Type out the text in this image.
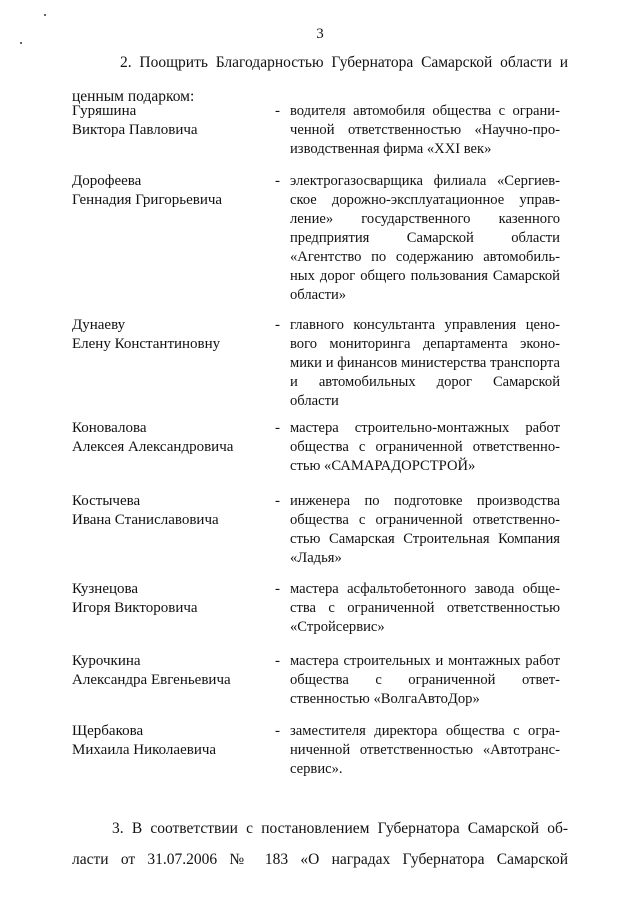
3

2. Поощрить Благодарностью Губернатора Самарской области и
ценным подарком:

Гуряшина
Виктора Павловича
- водителя автомобиля общества с ограниченной ответственностью «Научно-производственная фирма «XXI век»
Дорофеева
Геннадия Григорьевича
- электрогазосварщика филиала «Сергиевское дорожно-эксплуатационное управление» государственного казенного предприятия Самарской области «Агентство по содержанию автомобильных дорог общего пользования Самарской области»
Дунаеву
Елену Константиновну
- главного консультанта управления ценового мониторинга департамента экономики и финансов министерства транспорта и автомобильных дорог Самарской области
Коновалова
Алексея Александровича
- мастера строительно-монтажных работ общества с ограниченной ответственностью «САМАРАДОРСТРОЙ»
Костычева
Ивана Станиславовича
- инженера по подготовке производства общества с ограниченной ответственностью Самарская Строительная Компания «Ладья»
Кузнецова
Игоря Викторовича
- мастера асфальтобетонного завода общества с ограниченной ответственностью «Стройсервис»
Курочкина
Александра Евгеньевича
- мастера строительных и монтажных работ общества с ограниченной ответственностью «ВолгаАвтоДор»
Щербакова
Михаила Николаевича
- заместителя директора общества с ограниченной ответственностью «Автотранссервис».

3. В соответствии с постановлением Губернатора Самарской об-
ласти от 31.07.2006 № 183 «О наградах Губернатора Самарской
